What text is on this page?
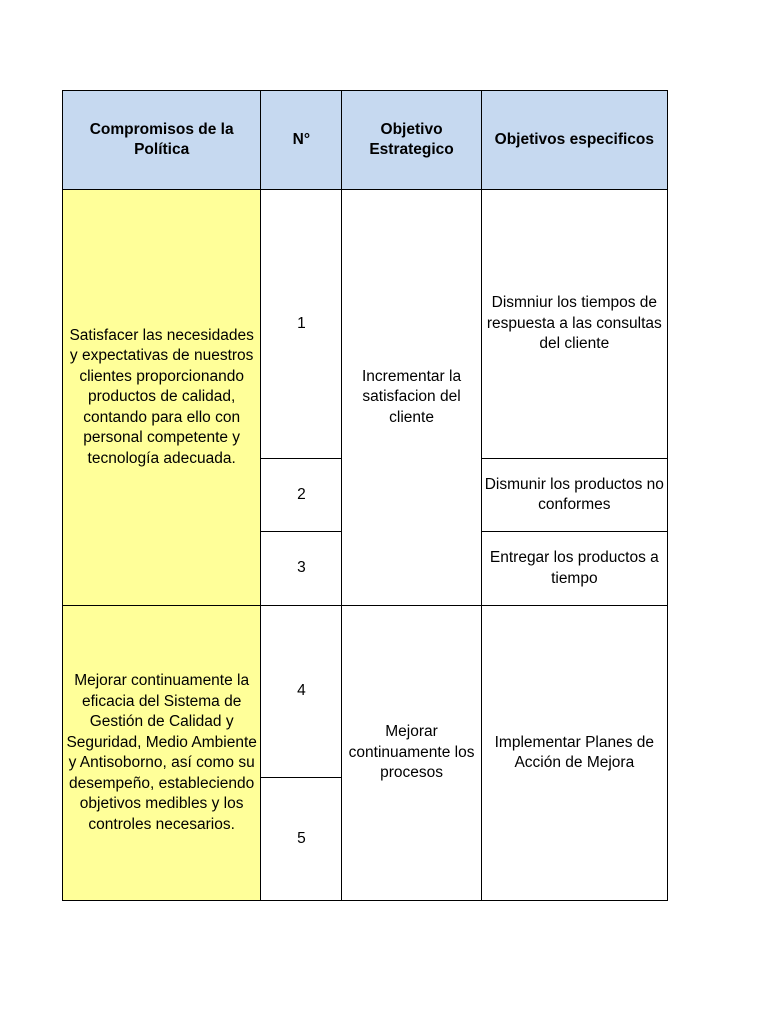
Compromisos de la Política	N°	Objetivo Estrategico	Objetivos especificos
Satisfacer las necesidades y expectativas de nuestros clientes proporcionando productos de calidad, contando para ello con personal competente y tecnología adecuada.	1	Incrementar la satisfacion del cliente	Dismniur los tiempos de respuesta a las consultas del cliente
	2		Dismunir los productos no conformes
	3		Entregar los productos a tiempo
Mejorar continuamente la eficacia del Sistema de Gestión de Calidad y Seguridad, Medio Ambiente y Antisoborno, así como su desempeño, estableciendo objetivos medibles y los controles necesarios.	4	Mejorar continuamente los procesos	Implementar Planes de Acción de Mejora
	5		
